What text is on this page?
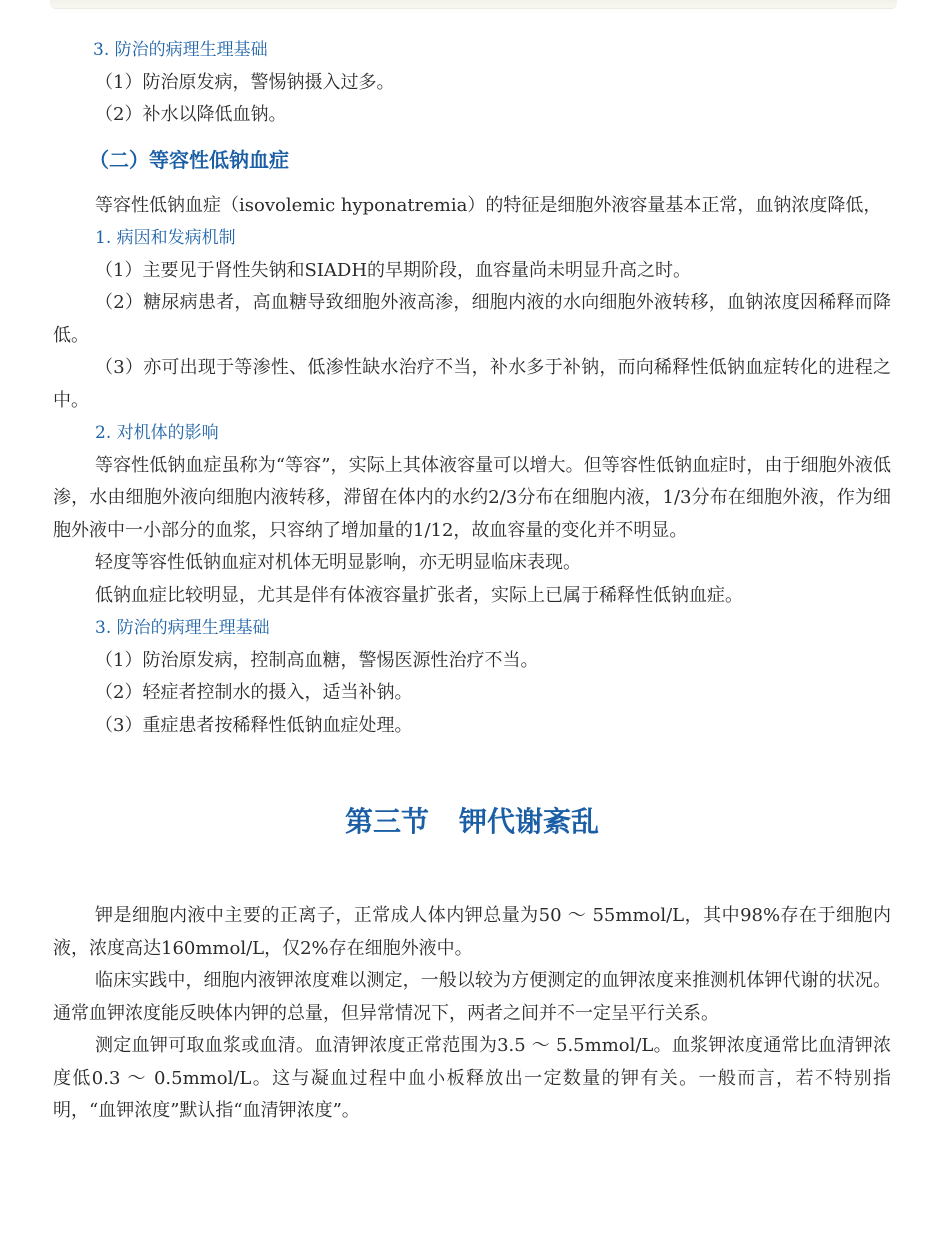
3. 防治的病理生理基础

（1）防治原发病，警惕钠摄入过多。

（2）补水以降低血钠。

（二）等容性低钠血症

等容性低钠血症（isovolemic hyponatremia）的特征是细胞外液容量基本正常，血钠浓度降低，

1. 病因和发病机制

（1）主要见于肾性失钠和SIADH的早期阶段，血容量尚未明显升高之时。

（2）糖尿病患者，高血糖导致细胞外液高渗，细胞内液的水向细胞外液转移，血钠浓度因稀释而降低。

（3）亦可出现于等渗性、低渗性缺水治疗不当，补水多于补钠，而向稀释性低钠血症转化的进程之中。

2. 对机体的影响

等容性低钠血症虽称为“等容”，实际上其体液容量可以增大。但等容性低钠血症时，由于细胞外液低渗，水由细胞外液向细胞内液转移，滞留在体内的水约2/3分布在细胞内液，1/3分布在细胞外液，作为细胞外液中一小部分的血浆，只容纳了增加量的1/12，故血容量的变化并不明显。

轻度等容性低钠血症对机体无明显影响，亦无明显临床表现。

低钠血症比较明显，尤其是伴有体液容量扩张者，实际上已属于稀释性低钠血症。

3. 防治的病理生理基础

（1）防治原发病，控制高血糖，警惕医源性治疗不当。

（2）轻症者控制水的摄入，适当补钠。

（3）重症患者按稀释性低钠血症处理。

第三节 钾代谢紊乱

钾是细胞内液中主要的正离子，正常成人体内钾总量为50 ～ 55mmol/L，其中98%存在于细胞内液，浓度高达160mmol/L，仅2%存在细胞外液中。

临床实践中，细胞内液钾浓度难以测定，一般以较为方便测定的血钾浓度来推测机体钾代谢的状况。通常血钾浓度能反映体内钾的总量，但异常情况下，两者之间并不一定呈平行关系。

测定血钾可取血浆或血清。血清钾浓度正常范围为3.5 ～ 5.5mmol/L。血浆钾浓度通常比血清钾浓度低0.3 ～ 0.5mmol/L。这与凝血过程中血小板释放出一定数量的钾有关。一般而言，若不特别指明，“血钾浓度”默认指“血清钾浓度”。
